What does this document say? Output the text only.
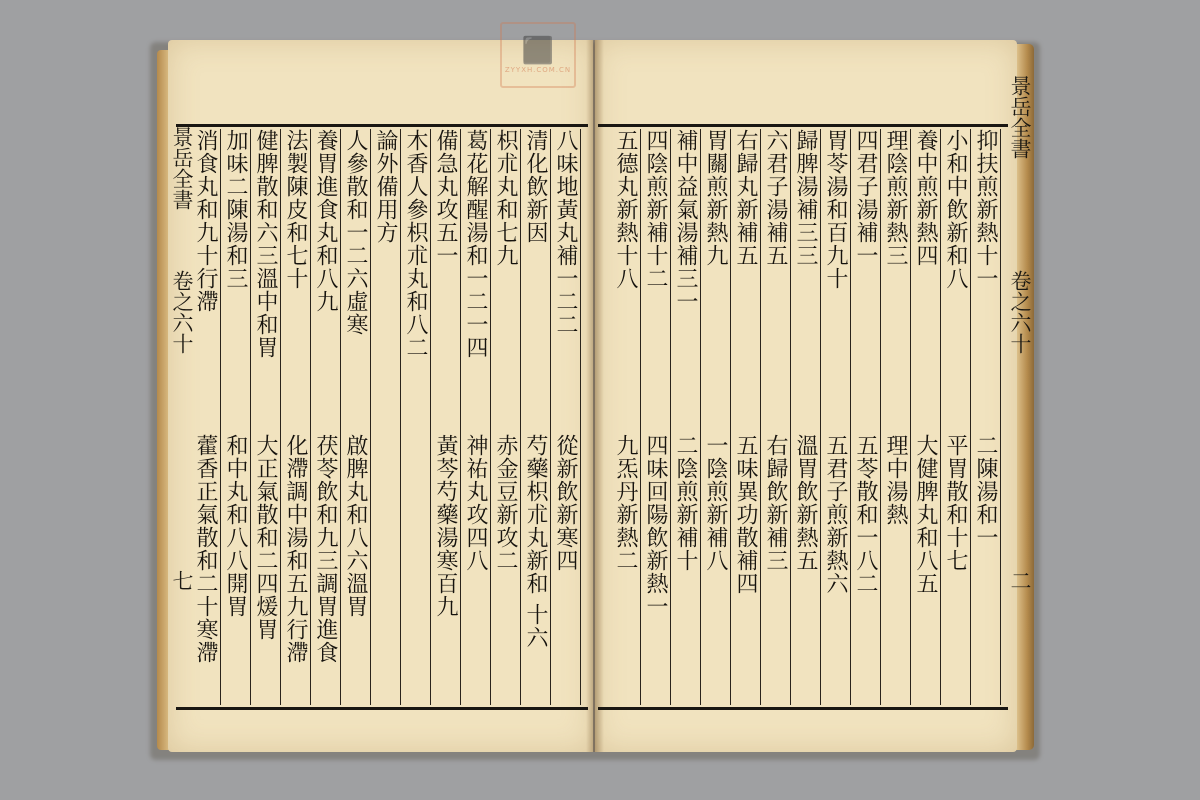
⬛
ZYYXH.COM.CN
景岳全書
卷之六十
七
景岳全書
卷之六十
二
八味地黃丸補一二二
從新飲新寒四
清化飲新因
芍藥枳朮丸新和 十六
枳朮丸和七九
赤金豆新攻二
葛花解醒湯和一二一四
神祐丸攻四八
備急丸攻五一
黃芩芍藥湯寒百九
木香人參枳朮丸和八二
論外備用方
人參散和一二六虛寒
啟脾丸和八六溫胃
養胃進食丸和八九
茯苓飲和九三調胃進食
法製陳皮和七十
化滯調中湯和五九行滯
健脾散和六三溫中和胃
大正氣散和二四煖胃
加味二陳湯和三
和中丸和八八開胃
消食丸和九十行滯
藿香正氣散和二十寒滯
抑扶煎新熱十一
二陳湯和一
小和中飲新和八
平胃散和十七
養中煎新熱四
大健脾丸和八五
理陰煎新熱三
理中湯熱
四君子湯補一
五苓散和一八二
胃苓湯和百九十
五君子煎新熱六
歸脾湯補三三
溫胃飲新熱五
六君子湯補五
右歸飲新補三
右歸丸新補五
五味異功散補四
胃關煎新熱九
一陰煎新補八
補中益氣湯補三一
二陰煎新補十
四陰煎新補十二
四味回陽飲新熱一
五德丸新熱十八
九炁丹新熱二
